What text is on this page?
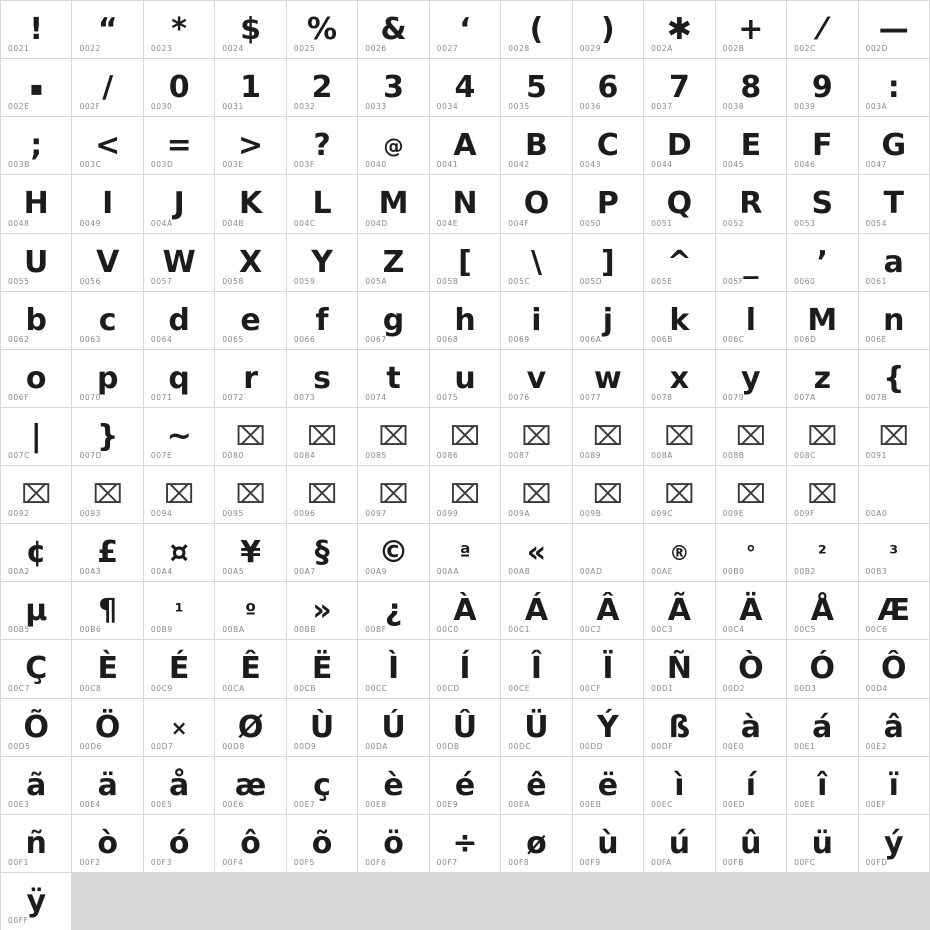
!
0021
“
0022
*
0023
$
0024
%
0025
&
0026
‘
0027
(
0028
)
0029
✱
002A
+
002B
⁄
002C
—
002D
▪
002E
∕
002F
0
0030
1
0031
2
0032
3
0033
4
0034
5
0035
6
0036
7
0037
8
0038
9
0039
:
003A
;
003B
<
003C
=
003D
>
003E
?
003F
@
0040
A
0041
B
0042
C
0043
D
0044
E
0045
F
0046
G
0047
H
0048
I
0049
J
004A
K
004B
L
004C
M
004D
N
004E
O
004F
P
0050
Q
0051
R
0052
S
0053
T
0054
U
0055
V
0056
W
0057
X
0058
Y
0059
Z
005A
[
005B
\
005C
]
005D
^
005E
_
005F
’
0060
a
0061
b
0062
c
0063
d
0064
e
0065
f
0066
g
0067
h
0068
i
0069
j
006A
k
006B
l
006C
M
006D
n
006E
o
006F
p
0070
q
0071
r
0072
s
0073
t
0074
u
0075
v
0076
w
0077
x
0078
y
0079
z
007A
{
007B
|
007C
}
007D
~
007E
⌧
0080
⌧
0084
⌧
0085
⌧
0086
⌧
0087
⌧
0089
⌧
008A
⌧
008B
⌧
008C
⌧
0091
⌧
0092
⌧
0093
⌧
0094
⌧
0095
⌧
0096
⌧
0097
⌧
0099
⌧
009A
⌧
009B
⌧
009C
⌧
009E
⌧
009F	00A0
¢
00A2
£
00A3
¤
00A4
¥
00A5
§
00A7
©
00A9
ª
00AA
«
00AB	00AD
®
00AE
°
00B0
²
00B2
³
00B3
µ
00B5
¶
00B6
¹
00B9
º
00BA
»
00BB
¿
00BF
À
00C0
Á
00C1
Â
00C2
Ã
00C3
Ä
00C4
Å
00C5
Æ
00C6
Ç
00C7
È
00C8
É
00C9
Ê
00CA
Ë
00CB
Ì
00CC
Í
00CD
Î
00CE
Ï
00CF
Ñ
00D1
Ò
00D2
Ó
00D3
Ô
00D4
Õ
00D5
Ö
00D6
×
00D7
Ø
00D8
Ù
00D9
Ú
00DA
Û
00DB
Ü
00DC
Ý
00DD
ß
00DF
à
00E0
á
00E1
â
00E2
ã
00E3
ä
00E4
å
00E5
æ
00E6
ç
00E7
è
00E8
é
00E9
ê
00EA
ë
00EB
ì
00EC
í
00ED
î
00EE
ï
00EF
ñ
00F1
ò
00F2
ó
00F3
ô
00F4
õ
00F5
ö
00F6
÷
00F7
ø
00F8
ù
00F9
ú
00FA
û
00FB
ü
00FC
ý
00FD
ÿ
00FF
